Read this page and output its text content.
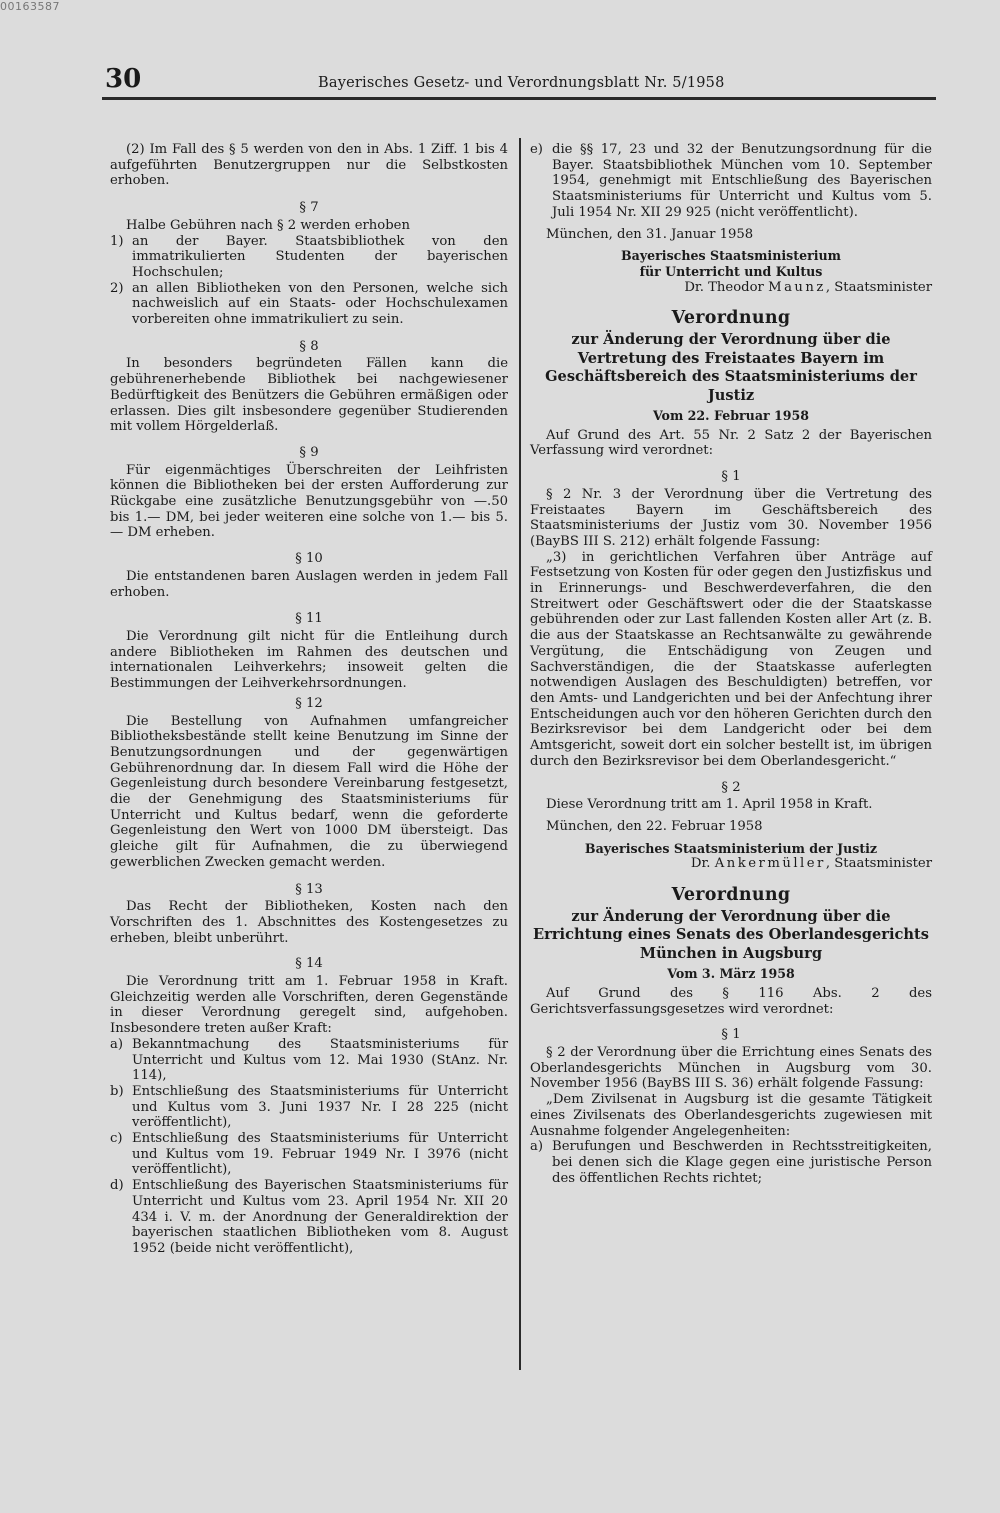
00163587
30	Bayerisches Gesetz- und Verordnungsblatt Nr. 5/1958

(2) Im Fall des § 5 werden von den in Abs. 1 Ziff. 1 bis 4 aufgeführten Benutzergruppen nur die Selbstkosten erhoben.

§ 7

Halbe Gebühren nach § 2 werden erhoben

1) an der Bayer. Staatsbibliothek von den immatrikulierten Studenten der bayerischen Hochschulen;
2) an allen Bibliotheken von den Personen, welche sich nachweislich auf ein Staats- oder Hochschulexamen vorbereiten ohne immatrikuliert zu sein.
§ 8

In besonders begründeten Fällen kann die gebührenerhebende Bibliothek bei nachgewiesener Bedürftigkeit des Benützers die Gebühren ermäßigen oder erlassen. Dies gilt insbesondere gegenüber Studierenden mit vollem Hörgelderlaß.

§ 9

Für eigenmächtiges Überschreiten der Leihfristen können die Bibliotheken bei der ersten Aufforderung zur Rückgabe eine zusätzliche Benutzungsgebühr von —.50 bis 1.— DM, bei jeder weiteren eine solche von 1.— bis 5.— DM erheben.

§ 10

Die entstandenen baren Auslagen werden in jedem Fall erhoben.

§ 11

Die Verordnung gilt nicht für die Entleihung durch andere Bibliotheken im Rahmen des deutschen und internationalen Leihverkehrs; insoweit gelten die Bestimmungen der Leihverkehrsordnungen.

§ 12

Die Bestellung von Aufnahmen umfangreicher Bibliotheksbestände stellt keine Benutzung im Sinne der Benutzungsordnungen und der gegenwärtigen Gebührenordnung dar. In diesem Fall wird die Höhe der Gegenleistung durch besondere Vereinbarung festgesetzt, die der Genehmigung des Staatsministeriums für Unterricht und Kultus bedarf, wenn die geforderte Gegenleistung den Wert von 1000 DM übersteigt. Das gleiche gilt für Aufnahmen, die zu überwiegend gewerblichen Zwecken gemacht werden.

§ 13

Das Recht der Bibliotheken, Kosten nach den Vorschriften des 1. Abschnittes des Kostengesetzes zu erheben, bleibt unberührt.

§ 14

Die Verordnung tritt am 1. Februar 1958 in Kraft. Gleichzeitig werden alle Vorschriften, deren Gegenstände in dieser Verordnung geregelt sind, aufgehoben. Insbesondere treten außer Kraft:

a) Bekanntmachung des Staatsministeriums für Unterricht und Kultus vom 12. Mai 1930 (StAnz. Nr. 114),
b) Entschließung des Staatsministeriums für Unterricht und Kultus vom 3. Juni 1937 Nr. I 28 225 (nicht veröffentlicht),
c) Entschließung des Staatsministeriums für Unterricht und Kultus vom 19. Februar 1949 Nr. I 3976 (nicht veröffentlicht),
d) Entschließung des Bayerischen Staatsministeriums für Unterricht und Kultus vom 23. April 1954 Nr. XII 20 434 i. V. m. der Anordnung der Generaldirektion der bayerischen staatlichen Bibliotheken vom 8. August 1952 (beide nicht veröffentlicht),
e) die §§ 17, 23 und 32 der Benutzungsordnung für die Bayer. Staatsbibliothek München vom 10. September 1954, genehmigt mit Entschließung des Bayerischen Staatsministeriums für Unterricht und Kultus vom 5. Juli 1954 Nr. XII 29 925 (nicht veröffentlicht).

München, den 31. Januar 1958

Bayerisches Staatsministerium
für Unterricht und Kultus
Dr. Theodor Maunz, Staatsminister
Verordnung
zur Änderung der Verordnung über die Vertretung des Freistaates Bayern im Geschäftsbereich des Staatsministeriums der Justiz
Vom 22. Februar 1958

Auf Grund des Art. 55 Nr. 2 Satz 2 der Bayerischen Verfassung wird verordnet:

§ 1

§ 2 Nr. 3 der Verordnung über die Vertretung des Freistaates Bayern im Geschäftsbereich des Staatsministeriums der Justiz vom 30. November 1956 (BayBS III S. 212) erhält folgende Fassung:

„3) in gerichtlichen Verfahren über Anträge auf Festsetzung von Kosten für oder gegen den Justizfiskus und in Erinnerungs- und Beschwerdeverfahren, die den Streitwert oder Geschäftswert oder die der Staatskasse gebührenden oder zur Last fallenden Kosten aller Art (z. B. die aus der Staatskasse an Rechtsanwälte zu gewährende Vergütung, die Entschädigung von Zeugen und Sachverständigen, die der Staatskasse auferlegten notwendigen Auslagen des Beschuldigten) betreffen, vor den Amts- und Landgerichten und bei der Anfechtung ihrer Entscheidungen auch vor den höheren Gerichten durch den Bezirksrevisor bei dem Landgericht oder bei dem Amtsgericht, soweit dort ein solcher bestellt ist, im übrigen durch den Bezirksrevisor bei dem Oberlandesgericht.“

§ 2

Diese Verordnung tritt am 1. April 1958 in Kraft.

München, den 22. Februar 1958

Bayerisches Staatsministerium der Justiz
Dr. Ankermüller, Staatsminister
Verordnung
zur Änderung der Verordnung über die Errichtung eines Senats des Oberlandesgerichts München in Augsburg
Vom 3. März 1958

Auf Grund des § 116 Abs. 2 des Gerichtsverfassungsgesetzes wird verordnet:

§ 1

§ 2 der Verordnung über die Errichtung eines Senats des Oberlandesgerichts München in Augsburg vom 30. November 1956 (BayBS III S. 36) erhält folgende Fassung:

„Dem Zivilsenat in Augsburg ist die gesamte Tätigkeit eines Zivilsenats des Oberlandesgerichts zugewiesen mit Ausnahme folgender Angelegenheiten:

a) Berufungen und Beschwerden in Rechtsstreitigkeiten, bei denen sich die Klage gegen eine juristische Person des öffentlichen Rechts richtet;
